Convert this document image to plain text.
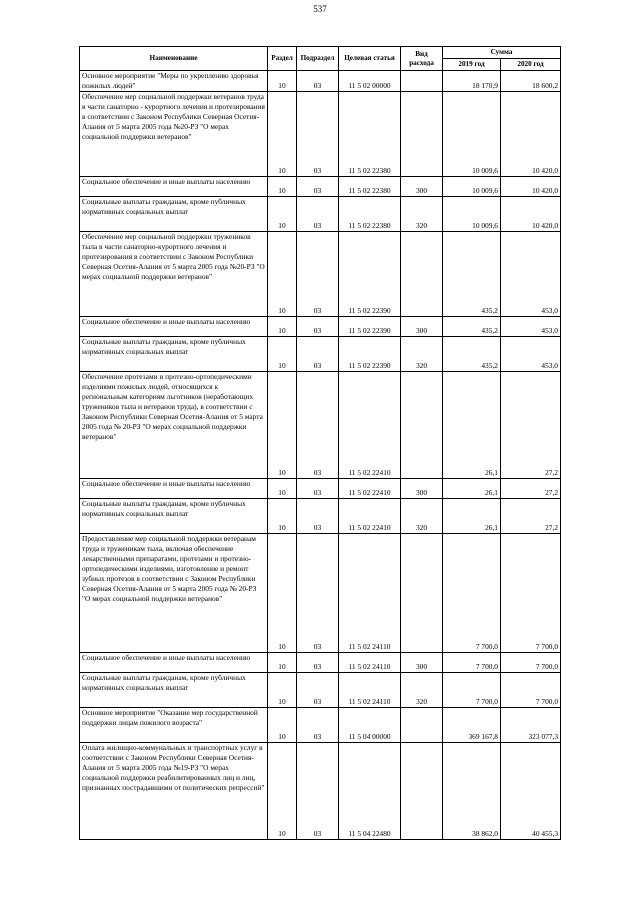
537
Наименование	Раздел	Подраздел	Целевая статья	Вид расхода	Сумма	
					2019 год	2020 год
Основное мероприятие "Меры по укреплению здоровья пожилых людей"	10	03	11 5 02 00000		18 170,9	18 600,2
Обеспечение мер социальной поддержки ветеранов труда в части санаторно - курортного лечения и протезирования в соответствии с Законом Республики Северная Осетия-Алания от 5 марта 2005 года №20-РЗ "О мерах социальной поддержки ветеранов"	10	03	11 5 02 22380		10 009,6	10 420,0
Социальное обеспечение и иные выплаты населению	10	03	11 5 02 22380	300	10 009,6	10 420,0
Социальные выплаты гражданам, кроме публичных нормативных социальных выплат	10	03	11 5 02 22380	320	10 009,6	10 420,0
Обеспечение мер социальной поддержки тружеников тыла в части санаторно-курортного лечения и протезирования в соответствии с Законом Республики Северная Осетия-Алания от 5 марта 2005 года №20-РЗ "О мерах социальной поддержки ветеранов"	10	03	11 5 02 22390		435,2	453,0
Социальное обеспечение и иные выплаты населению	10	03	11 5 02 22390	300	435,2	453,0
Социальные выплаты гражданам, кроме публичных нормативных социальных выплат	10	03	11 5 02 22390	320	435,2	453,0
Обеспечение протезами и протезно-ортопедическими изделиями пожилых людей, относящихся к региональным категориям льготников (неработающих тружеников тыла и ветеранов труда), в соответствии с Законом Республики Северная Осетия-Алания от 5 марта 2005 года № 20-РЗ "О мерах социальной поддержки ветеранов"	10	03	11 5 02 22410		26,1	27,2
Социальное обеспечение и иные выплаты населению	10	03	11 5 02 22410	300	26,1	27,2
Социальные выплаты гражданам, кроме публичных нормативных социальных выплат	10	03	11 5 02 22410	320	26,1	27,2
Предоставление мер социальной поддержки ветеранам труда и труженикам тыла, включая обеспечение лекарственными препаратами, протезами и протезно-ортопедическими изделиями, изготовление и ремонт зубных протезов в соответствии с Законом Республики Северная Осетия-Алания от 5 марта 2005 года № 20-РЗ "О мерах социальной поддержки ветеранов"	10	03	11 5 02 24110		7 700,0	7 700,0
Социальное обеспечение и иные выплаты населению	10	03	11 5 02 24110	300	7 700,0	7 700,0
Социальные выплаты гражданам, кроме публичных нормативных социальных выплат	10	03	11 5 02 24110	320	7 700,0	7 700,0
Основное мероприятие "Оказание мер государственной поддержки лицам пожилого возраста"	10	03	11 5 04 00000		369 167,8	323 077,3
Оплата жилищно-коммунальных и транспортных услуг в соответствии с Законом Республики Северная Осетия-Алания от 5 марта 2005 года №19-РЗ "О мерах социальной поддержки реабилитированных лиц и лиц, признанных пострадавшими от политических репрессий"	10	03	11 5 04 22480		38 862,0	40 455,3
